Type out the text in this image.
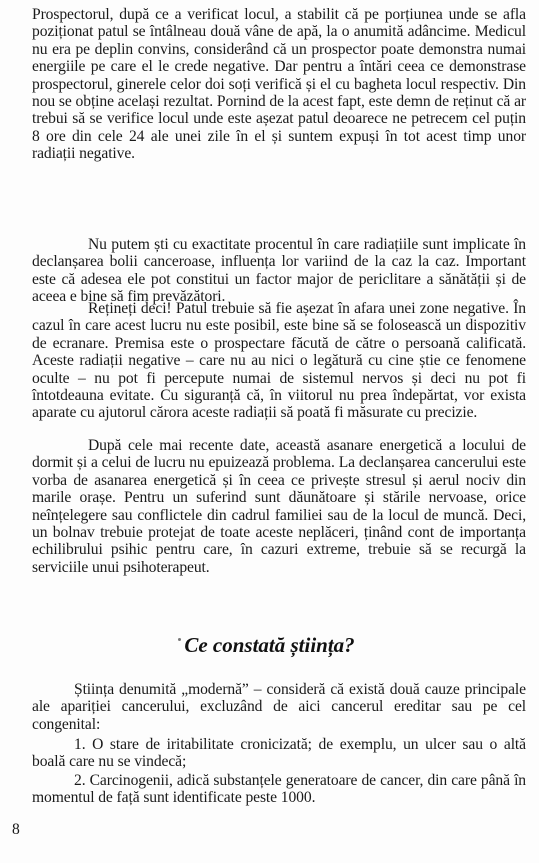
Prospectorul, după ce a verificat locul, a stabilit că pe porțiunea unde se afla poziționat patul se întâlneau două vâne de apă, la o anumită adâncime. Medicul nu era pe deplin convins, considerând că un prospector poate demonstra numai energiile pe care el le crede negative. Dar pentru a întări ceea ce demonstrase prospectorul, ginerele celor doi soți verifică și el cu bagheta locul respectiv. Din nou se obține același rezultat. Pornind de la acest fapt, este demn de reținut că ar trebui să se verifice locul unde este așezat patul deoarece ne petrecem cel puțin 8 ore din cele 24 ale unei zile în el și suntem expuși în tot acest timp unor radiații negative.

Nu putem ști cu exactitate procentul în care radiațiile sunt implicate în declanșarea bolii canceroase, influența lor variind de la caz la caz. Important este că adesea ele pot constitui un factor major de periclitare a sănătății și de aceea e bine să fim prevăzători.

Rețineți deci! Patul trebuie să fie așezat în afara unei zone negative. În cazul în care acest lucru nu este posibil, este bine să se folosească un dispozitiv de ecranare. Premisa este o prospectare făcută de către o persoană calificată. Aceste radiații negative – care nu au nici o legătură cu cine știe ce fenomene oculte – nu pot fi percepute numai de sistemul nervos și deci nu pot fi întotdeauna evitate. Cu siguranță că, în viitorul nu prea îndepărtat, vor exista aparate cu ajutorul cărora aceste radiații să poată fi măsurate cu precizie.

După cele mai recente date, această asanare energetică a locului de dormit și a celui de lucru nu epuizează problema. La declanșarea cancerului este vorba de asanarea energetică și în ceea ce privește stresul și aerul nociv din marile orașe. Pentru un suferind sunt dăunătoare și stările nervoase, orice neînțelegere sau conflictele din cadrul familiei sau de la locul de muncă. Deci, un bolnav trebuie protejat de toate aceste neplăceri, ținând cont de importanța echilibrului psihic pentru care, în cazuri extreme, trebuie să se recurgă la serviciile unui psihoterapeut.

Ce constată știința?

Știința denumită „modernă” – consideră că există două cauze principale ale apariției cancerului, excluzând de aici cancerul ereditar sau pe cel congenital:

1. O stare de iritabilitate cronicizată; de exemplu, un ulcer sau o altă boală care nu se vindecă;

2. Carcinogenii, adică substanțele generatoare de cancer, din care până în momentul de față sunt identificate peste 1000.

8
